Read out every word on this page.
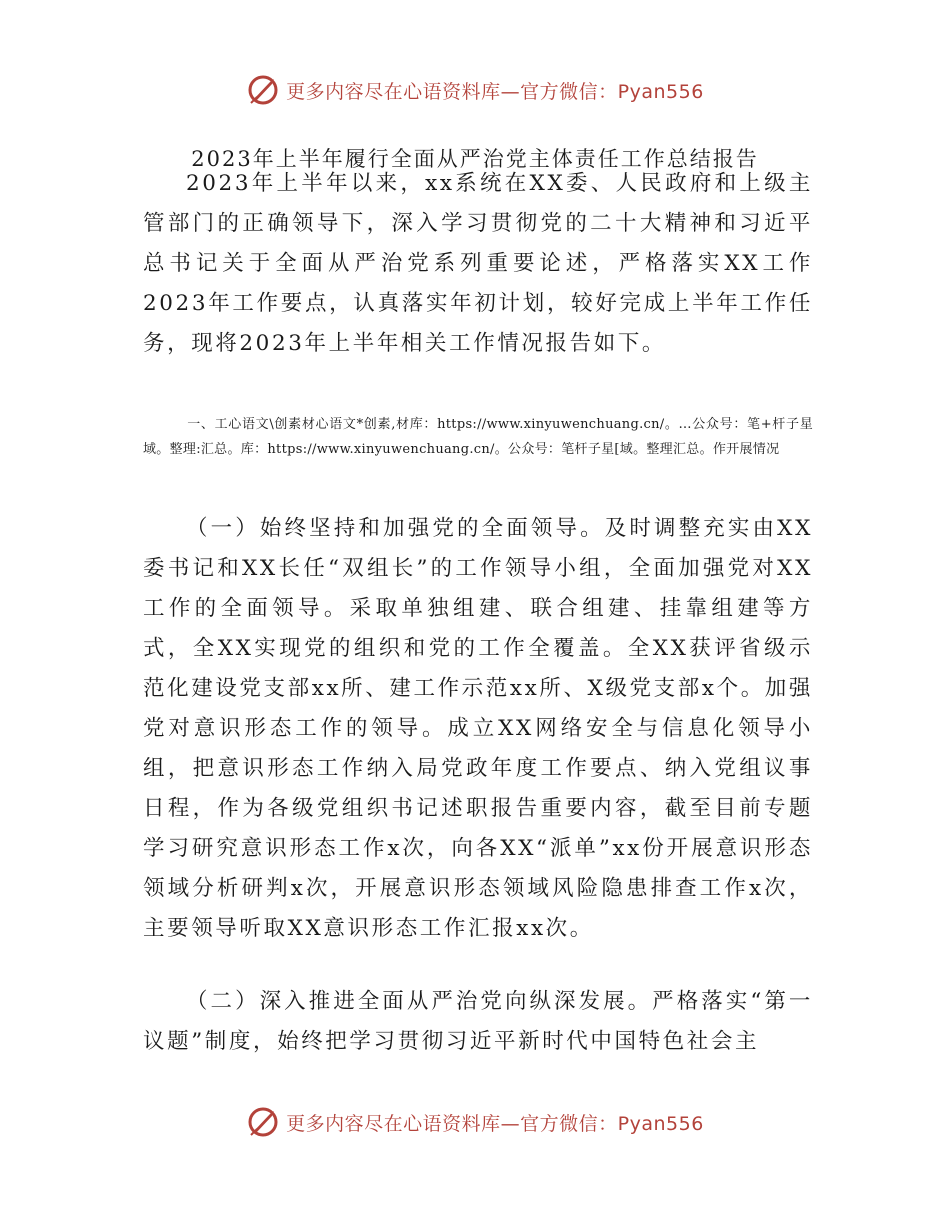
更多内容尽在心语资料库—官方微信：Pyan556
2023年上半年履行全面从严治党主体责任工作总结报告

2023年上半年以来，xx系统在XX委、人民政府和上级主管部门的正确领导下，深入学习贯彻党的二十大精神和习近平总书记关于全面从严治党系列重要论述，严格落实XX工作2023年工作要点，认真落实年初计划，较好完成上半年工作任务，现将2023年上半年相关工作情况报告如下。

一、工心语文\创素材心语文*创素,材库：https://www.xinyuwenchuang.cn/。…公众号：笔+杆子星域。整理:汇总。库：https://www.xinyuwenchuang.cn/。公众号：笔杆子星[域。整理汇总。作开展情况

（一）始终坚持和加强党的全面领导。及时调整充实由XX委书记和XX长任“双组长”的工作领导小组，全面加强党对XX工作的全面领导。采取单独组建、联合组建、挂靠组建等方式，全XX实现党的组织和党的工作全覆盖。全XX获评省级示范化建设党支部xx所、建工作示范xx所、X级党支部x个。加强党对意识形态工作的领导。成立XX网络安全与信息化领导小组，把意识形态工作纳入局党政年度工作要点、纳入党组议事日程，作为各级党组织书记述职报告重要内容，截至目前专题学习研究意识形态工作x次，向各XX“派单”xx份开展意识形态领域分析研判x次，开展意识形态领域风险隐患排查工作x次，主要领导听取XX意识形态工作汇报xx次。

（二）深入推进全面从严治党向纵深发展。严格落实“第一议题”制度，始终把学习贯彻习近平新时代中国特色社会主

更多内容尽在心语资料库—官方微信：Pyan556
